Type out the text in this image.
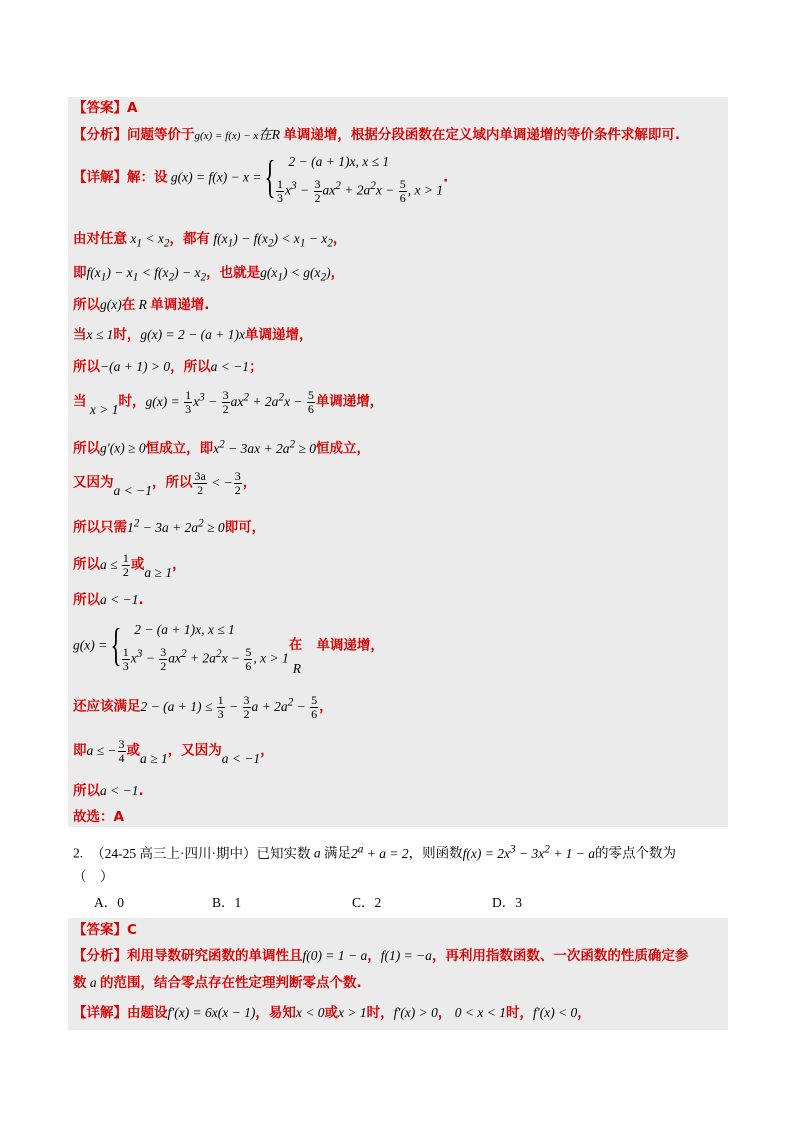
【答案】A
【分析】问题等价于g(x) = f(x) − x在R 单调递增，根据分段函数在定义域内单调递增的等价条件求解即可.
【详解】解：设 g(x) = f(x) − x = { 2 − (a + 1)x, x ≤ 1
$\frac{1}{3} x^3 - \frac{3}{2} ax^2 + 2a^2x - \frac{5}{6}$ , x > 1
.
由对任意 $x_1 < x_2$，都有 $f(x_1) - f(x_2) < x_1 - x_2$，
即$f(x_1) - x_1 < f(x_2) - x_2$，也就是$g(x_1) < g(x_2)$，
所以g(x)在 R 单调递增.
当x ≤ 1时，g(x) = 2 − (a + 1)x单调递增，
所以−(a + 1) > 0，所以a < −1；
当 x > 1时，$g(x) = \frac{1}{3} x^3 - \frac{3}{2} ax^2 + 2a^2x - \frac{5}{6}$ 单调递增，
所以g′(x) ≥ 0恒成立，即$x^2 - 3ax + 2a^2 \ge 0$恒成立，
又因为a < −1，所以 $\frac{3a}{2}$ < − $\frac{3}{2}$ ，
所以只需$1^2 - 3a + 2a^2 \ge 0$即可，
所以$a \le \frac{1}{2}$ 或a ≥ 1，
所以a < −1.
g(x) = { 2 − (a + 1)x, x ≤ 1
$\frac{1}{3} x^3 - \frac{3}{2} ax^2 + 2a^2x - \frac{5}{6}$ , x > 1
在
R
单调递增，
还应该满足$2 - (a + 1) \le \frac{1}{3} - \frac{3}{2}$ $a + 2a^2 - \frac{5}{6}$ ，
即a ≤ − $\frac{3}{4}$ 或a ≥ 1，又因为a < −1，
所以a < −1.
故选：A
2. （24-25 高三上·四川·期中）已知实数 a 满足$2^a + a = 2$，则函数$f(x) = 2x^3 - 3x^2 + 1 - a$的零点个数为
（　）
A．0	B．1	C．2	D．3
【答案】C
【分析】利用导数研究函数的单调性且f(0) = 1 − a，f(1) = −a，再利用指数函数、一次函数的性质确定参
数 a 的范围，结合零点存在性定理判断零点个数.
【详解】由题设f′(x) = 6x(x − 1)，易知x < 0或x > 1时，f′(x) > 0， 0 < x < 1时，f′(x) < 0，
